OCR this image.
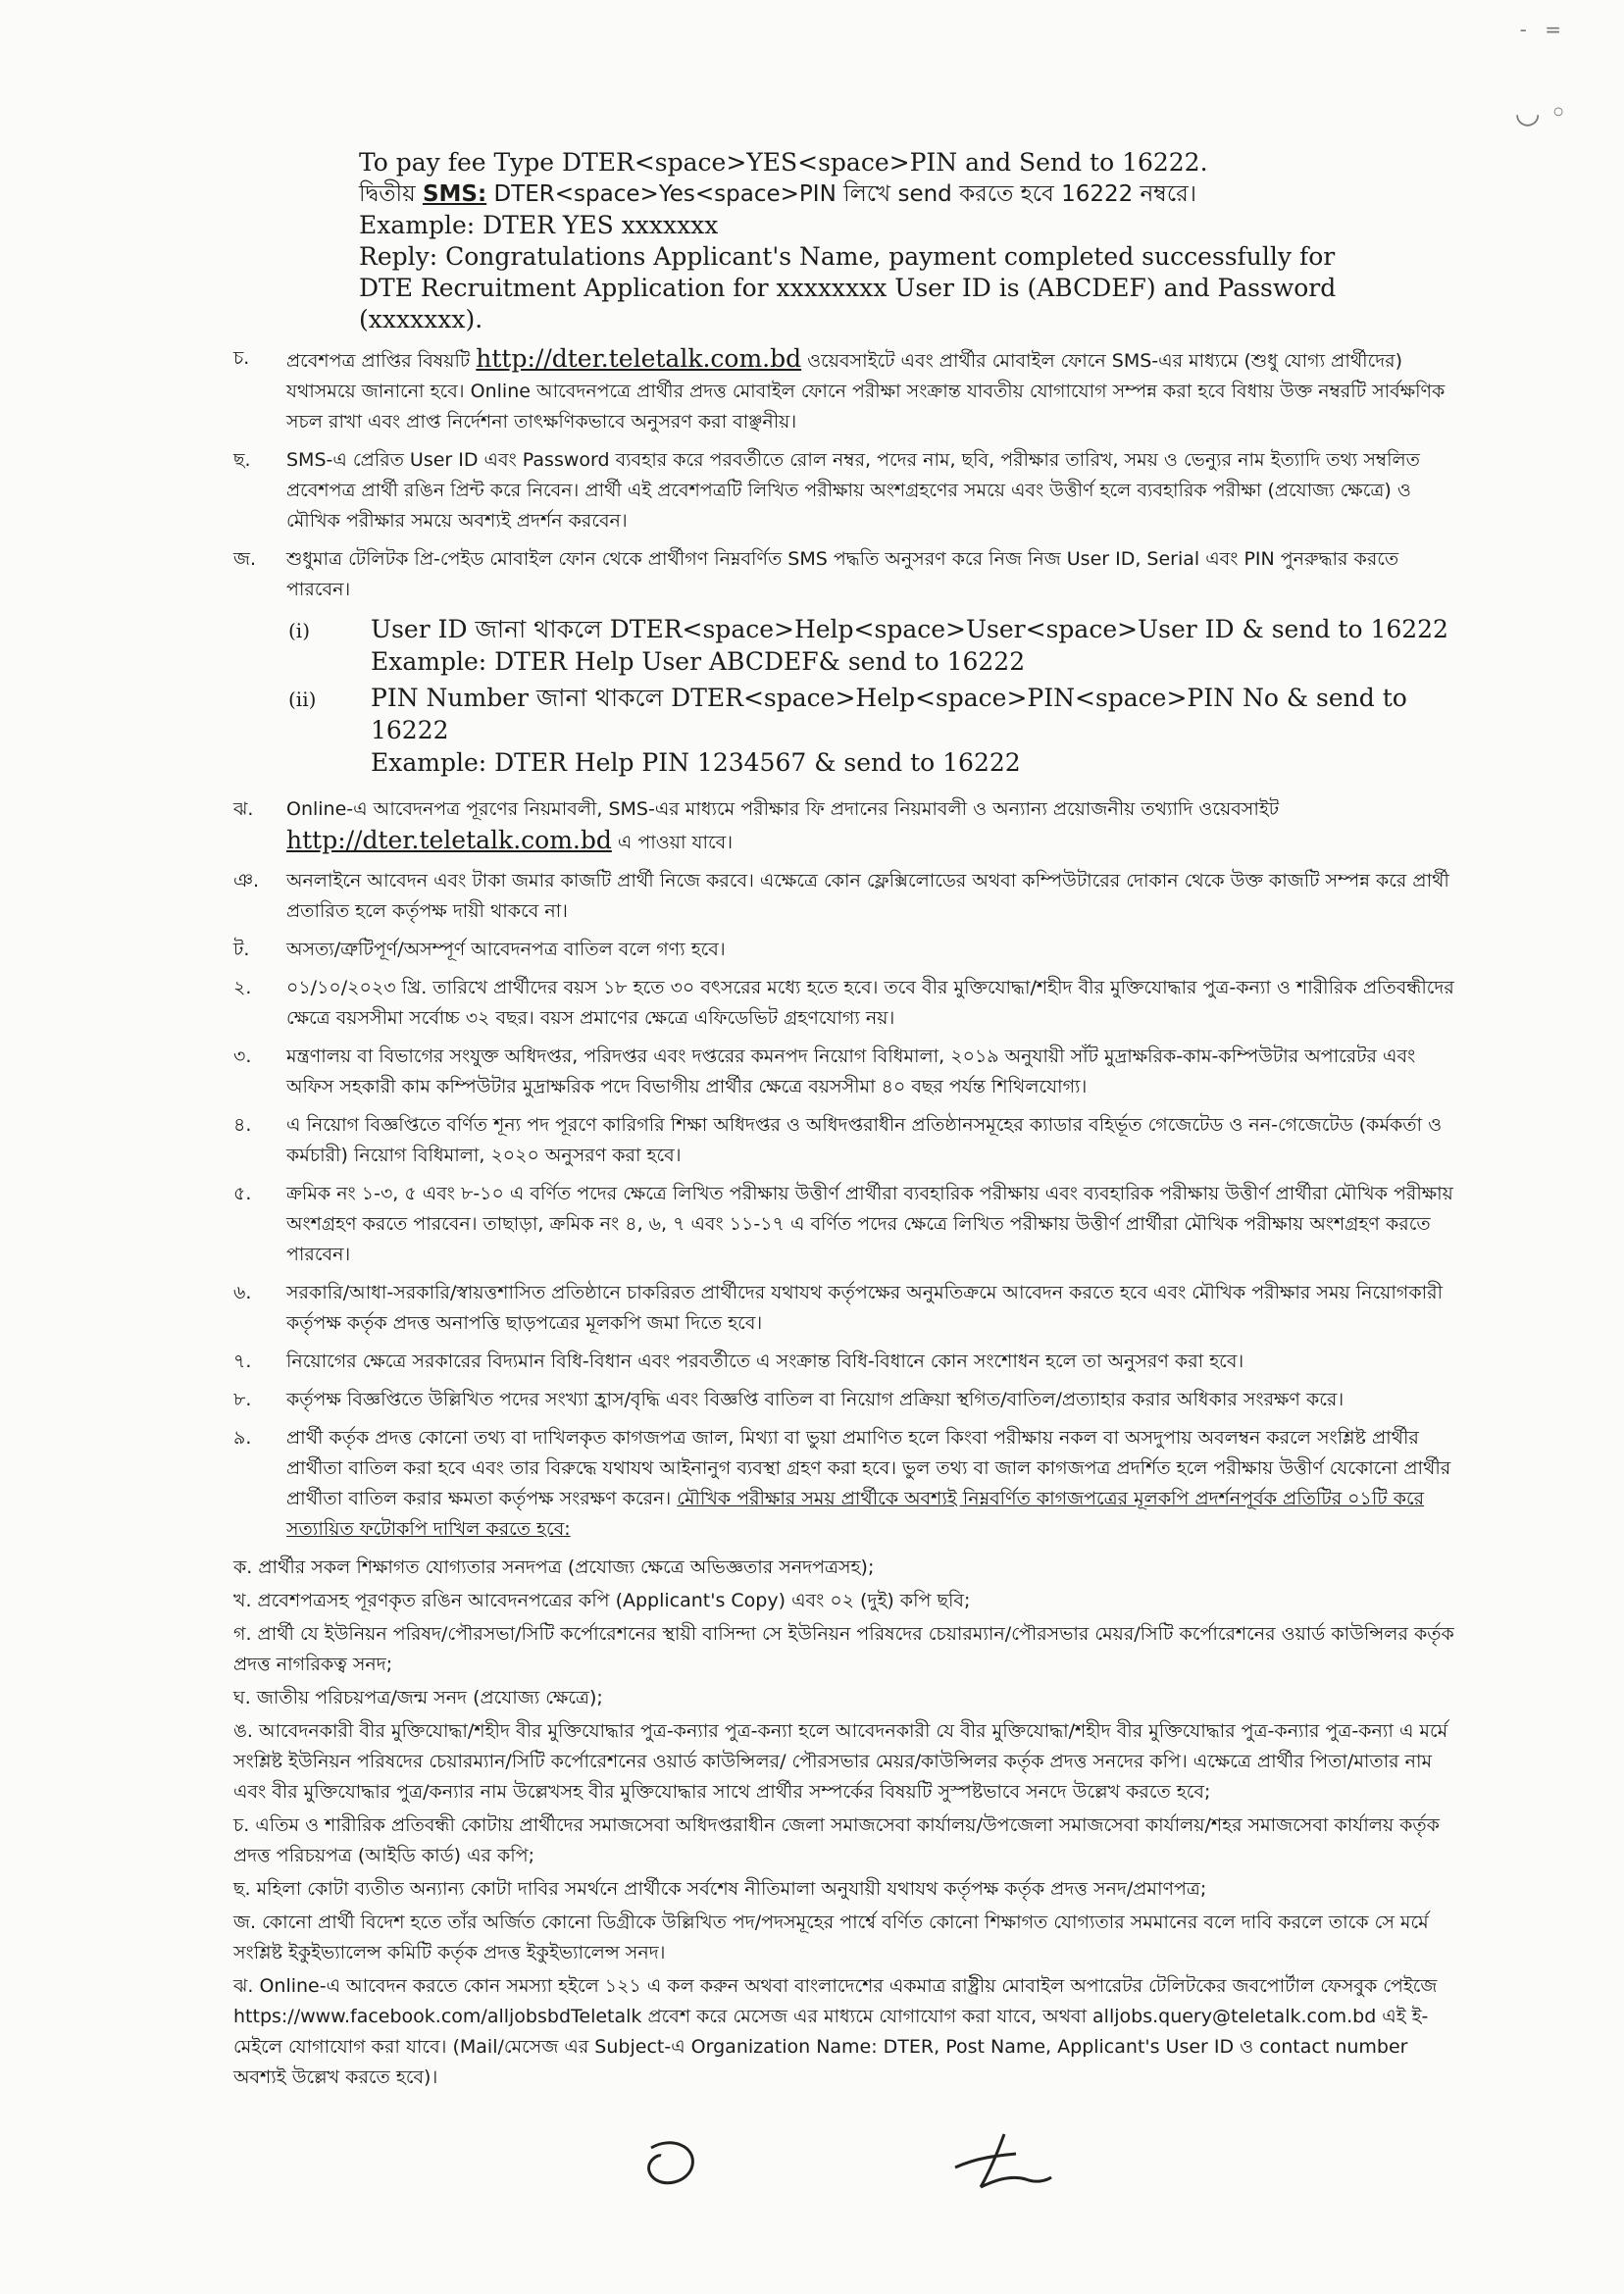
- =
◡ ◦
To pay fee Type DTER<space>YES<space>PIN and Send to 16222.
দ্বিতীয় SMS: DTER<space>Yes<space>PIN লিখে send করতে হবে 16222 নম্বরে।
Example: DTER YES xxxxxxx
Reply: Congratulations Applicant's Name, payment completed successfully for
DTE Recruitment Application for xxxxxxxx User ID is (ABCDEF) and Password
(xxxxxxx).
চ.	প্রবেশপত্র প্রাপ্তির বিষয়টি http://dter.teletalk.com.bd ওয়েবসাইটে এবং প্রার্থীর মোবাইল ফোনে SMS-এর মাধ্যমে (শুধু যোগ্য প্রার্থীদের) যথাসময়ে জানানো হবে। Online আবেদনপত্রে প্রার্থীর প্রদত্ত মোবাইল ফোনে পরীক্ষা সংক্রান্ত যাবতীয় যোগাযোগ সম্পন্ন করা হবে বিধায় উক্ত নম্বরটি সার্বক্ষণিক সচল রাখা এবং প্রাপ্ত নির্দেশনা তাৎক্ষণিকভাবে অনুসরণ করা বাঞ্ছনীয়।
ছ.	SMS-এ প্রেরিত User ID এবং Password ব্যবহার করে পরবর্তীতে রোল নম্বর, পদের নাম, ছবি, পরীক্ষার তারিখ, সময় ও ভেন্যুর নাম ইত্যাদি তথ্য সম্বলিত প্রবেশপত্র প্রার্থী রঙিন প্রিন্ট করে নিবেন। প্রার্থী এই প্রবেশপত্রটি লিখিত পরীক্ষায় অংশগ্রহণের সময়ে এবং উত্তীর্ণ হলে ব্যবহারিক পরীক্ষা (প্রযোজ্য ক্ষেত্রে) ও মৌখিক পরীক্ষার সময়ে অবশ্যই প্রদর্শন করবেন।
জ.	শুধুমাত্র টেলিটক প্রি-পেইড মোবাইল ফোন থেকে প্রার্থীগণ নিম্নবর্ণিত SMS পদ্ধতি অনুসরণ করে নিজ নিজ User ID, Serial এবং PIN পুনরুদ্ধার করতে পারবেন।
(i) User ID জানা থাকলে DTER<space>Help<space>User<space>User ID & send to 16222
Example: DTER Help User ABCDEF& send to 16222
(ii) PIN Number জানা থাকলে DTER<space>Help<space>PIN<space>PIN No & send to 16222
Example: DTER Help PIN 1234567 & send to 16222
ঝ.	Online-এ আবেদনপত্র পূরণের নিয়মাবলী, SMS-এর মাধ্যমে পরীক্ষার ফি প্রদানের নিয়মাবলী ও অন্যান্য প্রয়োজনীয় তথ্যাদি ওয়েবসাইট http://dter.teletalk.com.bd এ পাওয়া যাবে।
ঞ.	অনলাইনে আবেদন এবং টাকা জমার কাজটি প্রার্থী নিজে করবে। এক্ষেত্রে কোন ফ্লেক্সিলোডের অথবা কম্পিউটারের দোকান থেকে উক্ত কাজটি সম্পন্ন করে প্রার্থী প্রতারিত হলে কর্তৃপক্ষ দায়ী থাকবে না।
ট.	অসত্য/ত্রুটিপূর্ণ/অসম্পূর্ণ আবেদনপত্র বাতিল বলে গণ্য হবে।
২.	০১/১০/২০২৩ খ্রি. তারিখে প্রার্থীদের বয়স ১৮ হতে ৩০ বৎসরের মধ্যে হতে হবে। তবে বীর মুক্তিযোদ্ধা/শহীদ বীর মুক্তিযোদ্ধার পুত্র-কন্যা ও শারীরিক প্রতিবন্ধীদের ক্ষেত্রে বয়সসীমা সর্বোচ্চ ৩২ বছর। বয়স প্রমাণের ক্ষেত্রে এফিডেভিট গ্রহণযোগ্য নয়।
৩.	মন্ত্রণালয় বা বিভাগের সংযুক্ত অধিদপ্তর, পরিদপ্তর এবং দপ্তরের কমনপদ নিয়োগ বিধিমালা, ২০১৯ অনুযায়ী সাঁট মুদ্রাক্ষরিক-কাম-কম্পিউটার অপারেটর এবং অফিস সহকারী কাম কম্পিউটার মুদ্রাক্ষরিক পদে বিভাগীয় প্রার্থীর ক্ষেত্রে বয়সসীমা ৪০ বছর পর্যন্ত শিথিলযোগ্য।
৪.	এ নিয়োগ বিজ্ঞপ্তিতে বর্ণিত শূন্য পদ পূরণে কারিগরি শিক্ষা অধিদপ্তর ও অধিদপ্তরাধীন প্রতিষ্ঠানসমূহের ক্যাডার বহির্ভূত গেজেটেড ও নন-গেজেটেড (কর্মকর্তা ও কর্মচারী) নিয়োগ বিধিমালা, ২০২০ অনুসরণ করা হবে।
৫.	ক্রমিক নং ১-৩, ৫ এবং ৮-১০ এ বর্ণিত পদের ক্ষেত্রে লিখিত পরীক্ষায় উত্তীর্ণ প্রার্থীরা ব্যবহারিক পরীক্ষায় এবং ব্যবহারিক পরীক্ষায় উত্তীর্ণ প্রার্থীরা মৌখিক পরীক্ষায় অংশগ্রহণ করতে পারবেন। তাছাড়া, ক্রমিক নং ৪, ৬, ৭ এবং ১১-১৭ এ বর্ণিত পদের ক্ষেত্রে লিখিত পরীক্ষায় উত্তীর্ণ প্রার্থীরা মৌখিক পরীক্ষায় অংশগ্রহণ করতে পারবেন।
৬.	সরকারি/আধা-সরকারি/স্বায়ত্তশাসিত প্রতিষ্ঠানে চাকরিরত প্রার্থীদের যথাযথ কর্তৃপক্ষের অনুমতিক্রমে আবেদন করতে হবে এবং মৌখিক পরীক্ষার সময় নিয়োগকারী কর্তৃপক্ষ কর্তৃক প্রদত্ত অনাপত্তি ছাড়পত্রের মূলকপি জমা দিতে হবে।
৭.	নিয়োগের ক্ষেত্রে সরকারের বিদ্যমান বিধি-বিধান এবং পরবর্তীতে এ সংক্রান্ত বিধি-বিধানে কোন সংশোধন হলে তা অনুসরণ করা হবে।
৮.	কর্তৃপক্ষ বিজ্ঞপ্তিতে উল্লিখিত পদের সংখ্যা হ্রাস/বৃদ্ধি এবং বিজ্ঞপ্তি বাতিল বা নিয়োগ প্রক্রিয়া স্থগিত/বাতিল/প্রত্যাহার করার অধিকার সংরক্ষণ করে।
৯.	প্রার্থী কর্তৃক প্রদত্ত কোনো তথ্য বা দাখিলকৃত কাগজপত্র জাল, মিথ্যা বা ভুয়া প্রমাণিত হলে কিংবা পরীক্ষায় নকল বা অসদুপায় অবলম্বন করলে সংশ্লিষ্ট প্রার্থীর প্রার্থীতা বাতিল করা হবে এবং তার বিরুদ্ধে যথাযথ আইনানুগ ব্যবস্থা গ্রহণ করা হবে। ভুল তথ্য বা জাল কাগজপত্র প্রদর্শিত হলে পরীক্ষায় উত্তীর্ণ যেকোনো প্রার্থীর প্রার্থীতা বাতিল করার ক্ষমতা কর্তৃপক্ষ সংরক্ষণ করেন। মৌখিক পরীক্ষার সময় প্রার্থীকে অবশ্যই নিম্নবর্ণিত কাগজপত্রের মূলকপি প্রদর্শনপূর্বক প্রতিটির ০১টি করে সত্যায়িত ফটোকপি দাখিল করতে হবে:
ক. প্রার্থীর সকল শিক্ষাগত যোগ্যতার সনদপত্র (প্রযোজ্য ক্ষেত্রে অভিজ্ঞতার সনদপত্রসহ);
খ. প্রবেশপত্রসহ পূরণকৃত রঙিন আবেদনপত্রের কপি (Applicant's Copy) এবং ০২ (দুই) কপি ছবি;
গ. প্রার্থী যে ইউনিয়ন পরিষদ/পৌরসভা/সিটি কর্পোরেশনের স্থায়ী বাসিন্দা সে ইউনিয়ন পরিষদের চেয়ারম্যান/পৌরসভার মেয়র/সিটি কর্পোরেশনের ওয়ার্ড কাউন্সিলর কর্তৃক প্রদত্ত নাগরিকত্ব সনদ;
ঘ. জাতীয় পরিচয়পত্র/জন্ম সনদ (প্রযোজ্য ক্ষেত্রে);
ঙ. আবেদনকারী বীর মুক্তিযোদ্ধা/শহীদ বীর মুক্তিযোদ্ধার পুত্র-কন্যার পুত্র-কন্যা হলে আবেদনকারী যে বীর মুক্তিযোদ্ধা/শহীদ বীর মুক্তিযোদ্ধার পুত্র-কন্যার পুত্র-কন্যা এ মর্মে সংশ্লিষ্ট ইউনিয়ন পরিষদের চেয়ারম্যান/সিটি কর্পোরেশনের ওয়ার্ড কাউন্সিলর/ পৌরসভার মেয়র/কাউন্সিলর কর্তৃক প্রদত্ত সনদের কপি। এক্ষেত্রে প্রার্থীর পিতা/মাতার নাম এবং বীর মুক্তিযোদ্ধার পুত্র/কন্যার নাম উল্লেখসহ বীর মুক্তিযোদ্ধার সাথে প্রার্থীর সম্পর্কের বিষয়টি সুস্পষ্টভাবে সনদে উল্লেখ করতে হবে;
চ. এতিম ও শারীরিক প্রতিবন্ধী কোটায় প্রার্থীদের সমাজসেবা অধিদপ্তরাধীন জেলা সমাজসেবা কার্যালয়/উপজেলা সমাজসেবা কার্যালয়/শহর সমাজসেবা কার্যালয় কর্তৃক প্রদত্ত পরিচয়পত্র (আইডি কার্ড) এর কপি;
ছ. মহিলা কোটা ব্যতীত অন্যান্য কোটা দাবির সমর্থনে প্রার্থীকে সর্বশেষ নীতিমালা অনুযায়ী যথাযথ কর্তৃপক্ষ কর্তৃক প্রদত্ত সনদ/প্রমাণপত্র;
জ. কোনো প্রার্থী বিদেশ হতে তাঁর অর্জিত কোনো ডিগ্রীকে উল্লিখিত পদ/পদসমূহের পার্শ্বে বর্ণিত কোনো শিক্ষাগত যোগ্যতার সমমানের বলে দাবি করলে তাকে সে মর্মে সংশ্লিষ্ট ইকুইভ্যালেন্স কমিটি কর্তৃক প্রদত্ত ইকুইভ্যালেন্স সনদ।
ঝ. Online-এ আবেদন করতে কোন সমস্যা হইলে ১২১ এ কল করুন অথবা বাংলাদেশের একমাত্র রাষ্ট্রীয় মোবাইল অপারেটর টেলিটকের জবপোর্টাল ফেসবুক পেইজে https://www.facebook.com/alljobsbdTeletalk প্রবেশ করে মেসেজ এর মাধ্যমে যোগাযোগ করা যাবে, অথবা alljobs.query@teletalk.com.bd এই ই-মেইলে যোগাযোগ করা যাবে। (Mail/মেসেজ এর Subject-এ Organization Name: DTER, Post Name, Applicant's User ID ও contact number অবশ্যই উল্লেখ করতে হবে)।
